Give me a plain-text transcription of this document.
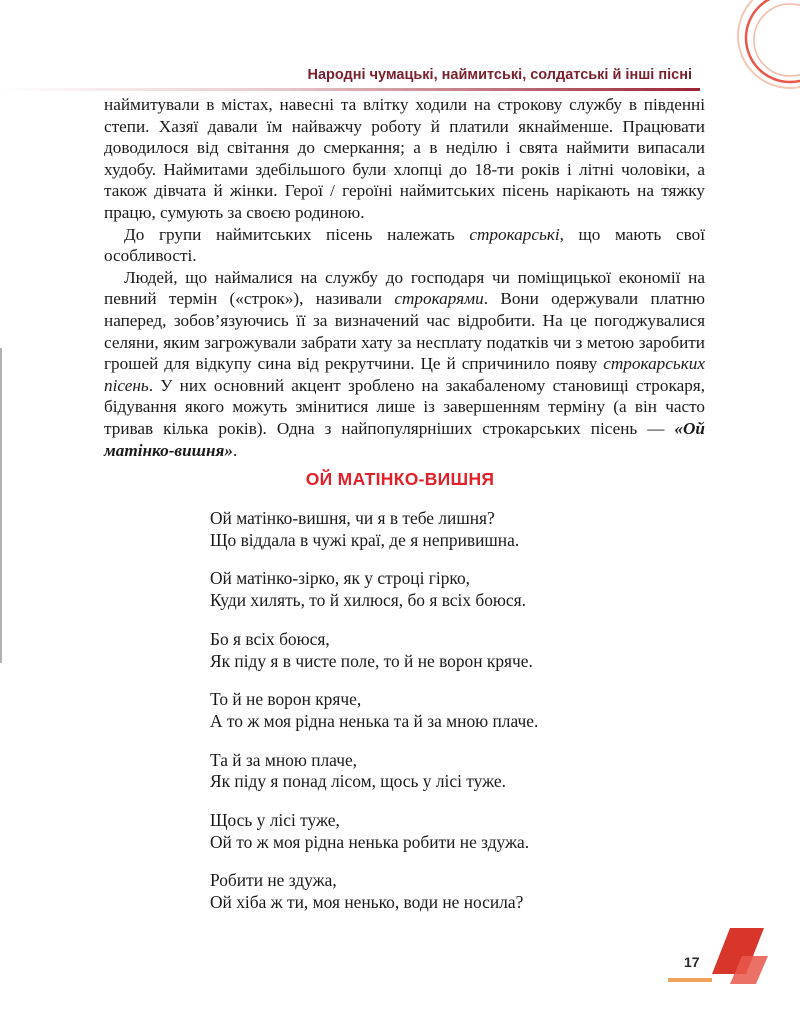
Народні чумацькі, наймитські, солдатські й інші пісні

наймитували в містах, навесні та влітку ходили на строкову службу в південні степи. Хазяї давали їм найважчу роботу й платили якнайменше. Працювати доводилося від світання до смеркання; а в неділю і свята наймити випасали худобу. Наймитами здебільшого були хлопці до 18-ти років і літні чоловіки, а також дівчата й жінки. Герої / героїні наймитських пісень нарікають на тяжку працю, сумують за своєю родиною.

До групи наймитських пісень належать строкарські, що мають свої особливості.

Людей, що наймалися на службу до господаря чи поміщицької економії на певний термін («строк»), називали строкарями. Вони одержували платню наперед, зобов’язуючись її за визначений час відробити. На це погоджувалися селяни, яким загрожували забрати хату за несплату податків чи з метою заробити грошей для відкупу сина від рекрутчини. Це й спричинило появу строкарських пісень. У них основний акцент зроблено на закабаленому становищі строкаря, бідування якого можуть змінитися лише із завершенням терміну (а він часто тривав кілька років). Одна з найпопулярніших строкарських пісень — «Ой матінко-вишня».

ОЙ МАТІНКО-ВИШНЯ
Ой матінко-вишня, чи я в тебе лишня?
Що віддала в чужі краї, де я непривишна.
Ой матінко-зірко, як у строці гірко,
Куди хилять, то й хилюся, бо я всіх боюся.
Бо я всіх боюся,
Як піду я в чисте поле, то й не ворон кряче.
То й не ворон кряче,
А то ж моя рідна ненька та й за мною плаче.
Та й за мною плаче,
Як піду я понад лісом, щось у лісі туже.
Щось у лісі туже,
Ой то ж моя рідна ненька робити не здужа.
Робити не здужа,
Ой хіба ж ти, моя ненько, води не носила?
17
